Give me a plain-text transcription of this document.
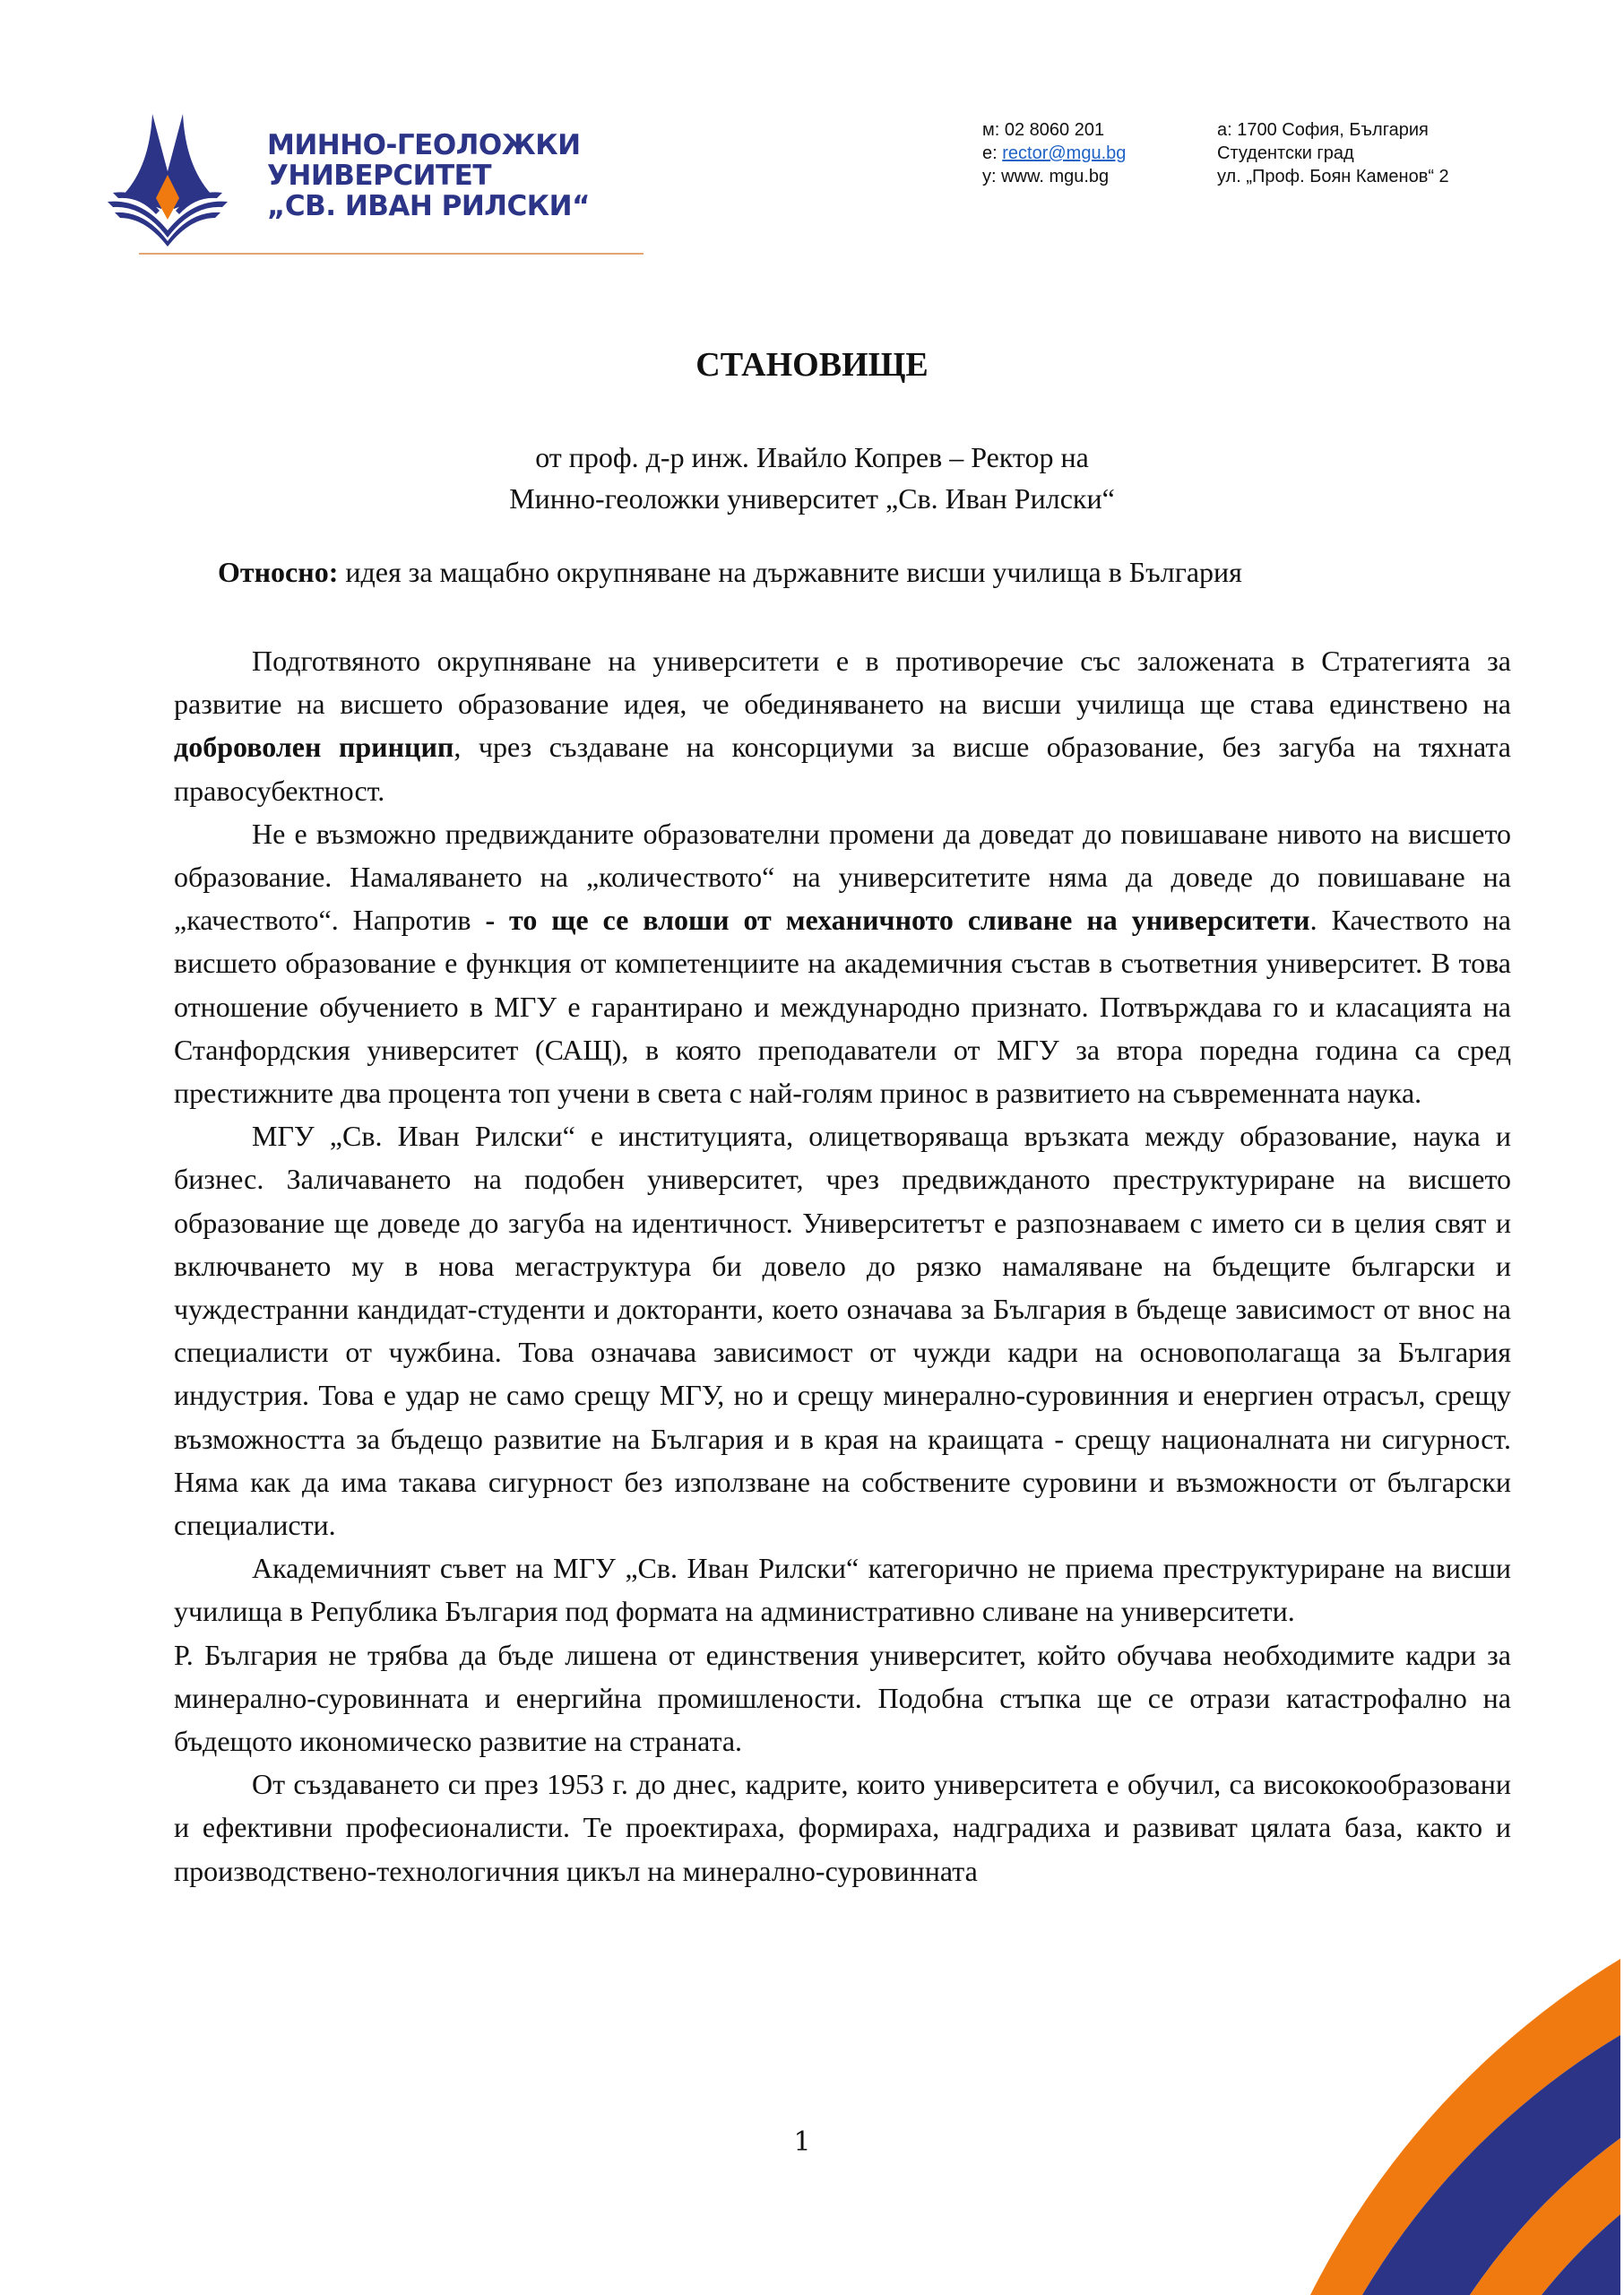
МИННО-ГЕОЛОЖКИ
УНИВЕРСИТЕТ
„СВ. ИВАН РИЛСКИ“
м: 02 8060 201
е: rector@mgu.bg
у: www. mgu.bg
а: 1700 София, България
Студентски град
ул. „Проф. Боян Каменов“ 2
СТАНОВИЩЕ
от проф. д-р инж. Ивайло Копрев – Ректор на
Минно-геоложки университет „Св. Иван Рилски“
Относно: идея за мащабно окрупняване на държавните висши училища в България

Подготвяното окрупняване на университети е в противоречие със заложената в Стратегията за развитие на висшето образование идея, че обединяването на висши училища ще става единствено на доброволен принцип, чрез създаване на консорциуми за висше образование, без загуба на тяхната правосубектност.

Не е възможно предвижданите образователни промени да доведат до повишаване нивото на висшето образование. Намаляването на „количеството“ на университетите няма да доведе до повишаване на „качеството“. Напротив - то ще се влоши от механичното сливане на университети. Качеството на висшето образование е функция от компетенциите на академичния състав в съответния университет. В това отношение обучението в МГУ е гарантирано и международно признато. Потвърждава го и класацията на Станфордския университет (САЩ), в която преподаватели от МГУ за втора поредна година са сред престижните два процента топ учени в света с най-голям принос в развитието на съвременната наука.

МГУ „Св. Иван Рилски“ е институцията, олицетворяваща връзката между образование, наука и бизнес. Заличаването на подобен университет, чрез предвижданото преструктуриране на висшето образование ще доведе до загуба на идентичност. Университетът е разпознаваем с името си в целия свят и включването му в нова мегаструктура би довело до рязко намаляване на бъдещите български и чуждестранни кандидат-студенти и докторанти, което означава за България в бъдеще зависимост от внос на специалисти от чужбина. Това означава зависимост от чужди кадри на основополагаща за България индустрия. Това е удар не само срещу МГУ, но и срещу минерално-суровинния и енергиен отрасъл, срещу възможността за бъдещо развитие на България и в края на краищата - срещу националната ни сигурност. Няма как да има такава сигурност без използване на собствените суровини и възможности от български специалисти.

Академичният съвет на МГУ „Св. Иван Рилски“ категорично не приема преструктуриране на висши училища в Република България под формата на административно сливане на университети.

Р. България не трябва да бъде лишена от единствения университет, който обучава необходимите кадри за минерално-суровинната и енергийна промишлености. Подобна стъпка ще се отрази катастрофално на бъдещото икономическо развитие на страната.

От създаването си през 1953 г. до днес, кадрите, които университета е обучил, са висококообразовани и ефективни професионалисти. Те проектираха, формираха, надградиха и развиват цялата база, както и производствено-технологичния цикъл на минерално-суровинната

1
